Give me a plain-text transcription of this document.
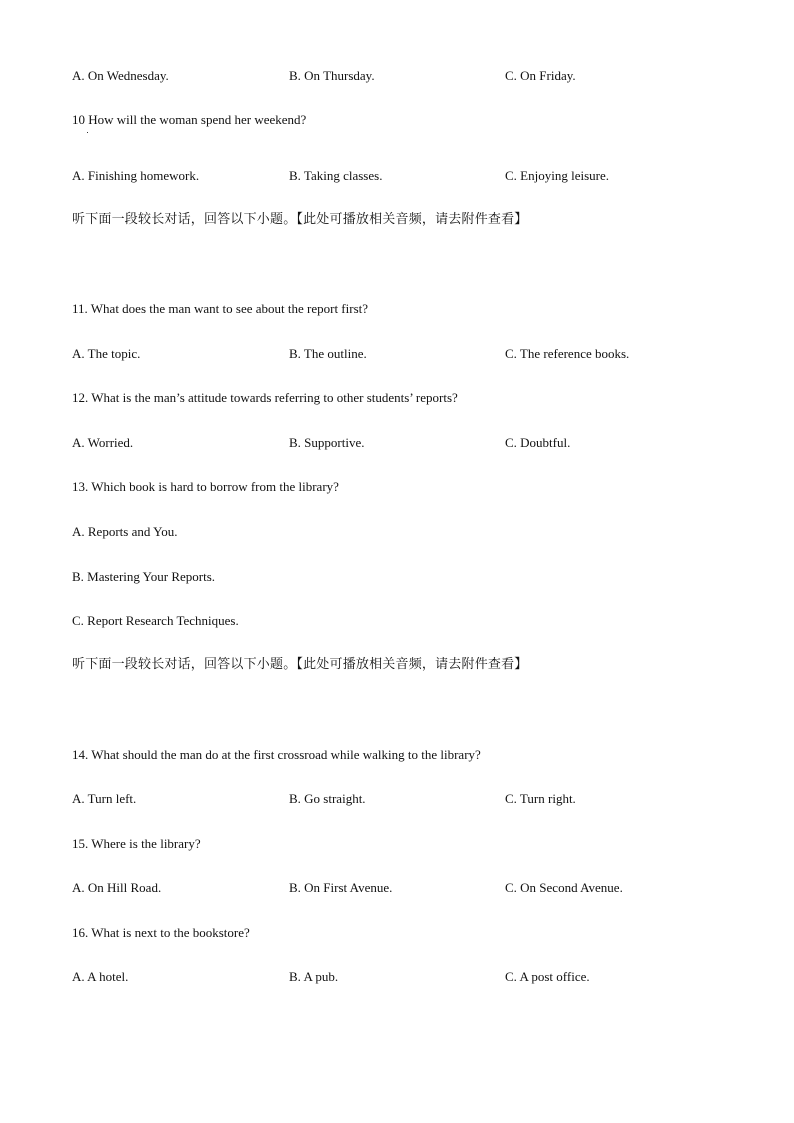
A. On Wednesday.	B. On Thursday.	C. On Friday.
10 How will the woman spend her weekend?
A. Finishing homework.	B. Taking classes.	C. Enjoying leisure.
听下面一段较长对话，回答以下小题。【此处可播放相关音频，请去附件查看】
11. What does the man want to see about the report first?
A. The topic.	B. The outline.	C. The reference books.
12. What is the man’s attitude towards referring to other students’ reports?
A. Worried.	B. Supportive.	C. Doubtful.
13. Which book is hard to borrow from the library?
A. Reports and You.
B. Mastering Your Reports.
C. Report Research Techniques.
听下面一段较长对话，回答以下小题。【此处可播放相关音频，请去附件查看】
14. What should the man do at the first crossroad while walking to the library?
A. Turn left.	B. Go straight.	C. Turn right.
15. Where is the library?
A. On Hill Road.	B. On First Avenue.	C. On Second Avenue.
16. What is next to the bookstore?
A. A hotel.	B. A pub.	C. A post office.
